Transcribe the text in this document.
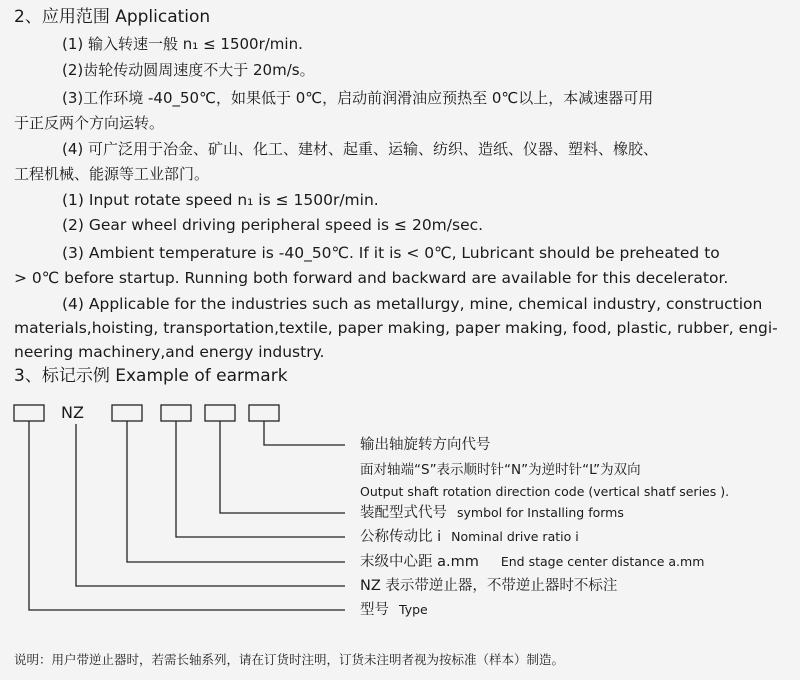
2、应用范围 Application
(1) 输入转速一般 n₁ ≤ 1500r/min.
(2)齿轮传动圆周速度不大于 20m/s。
(3)工作环境 -40_50℃，如果低于 0℃，启动前润滑油应预热至 0℃以上，本减速器可用
于正反两个方向运转。
(4) 可广泛用于冶金、矿山、化工、建材、起重、运输、纺织、造纸、仪器、塑料、橡胶、
工程机械、能源等工业部门。
(1) Input rotate speed n₁ is ≤ 1500r/min.
(2) Gear wheel driving peripheral speed is ≤ 20m/sec.
(3) Ambient temperature is -40_50℃. If it is < 0℃, Lubricant should be preheated to
> 0℃ before startup. Running both forward and backward are available for this decelerator.
(4) Applicable for the industries such as metallurgy, mine, chemical industry, construction
materials,hoisting, transportation,textile, paper making, paper making, food, plastic, rubber, engi-
neering machinery,and energy industry.
3、标记示例 Example of earmark
NZ
输出轴旋转方向代号
面对轴端“S”表示顺时针“N”为逆时针“L”为双向
Output shaft rotation direction code (vertical shatf series ).
装配型式代号 symbol for Installing forms
公称传动比 i Nominal drive ratio i
末级中心距 a.mm End stage center distance a.mm
NZ 表示带逆止器，不带逆止器时不标注
型号 Type
说明：用户带逆止器时，若需长轴系列，请在订货时注明，订货未注明者视为按标准（样本）制造。
